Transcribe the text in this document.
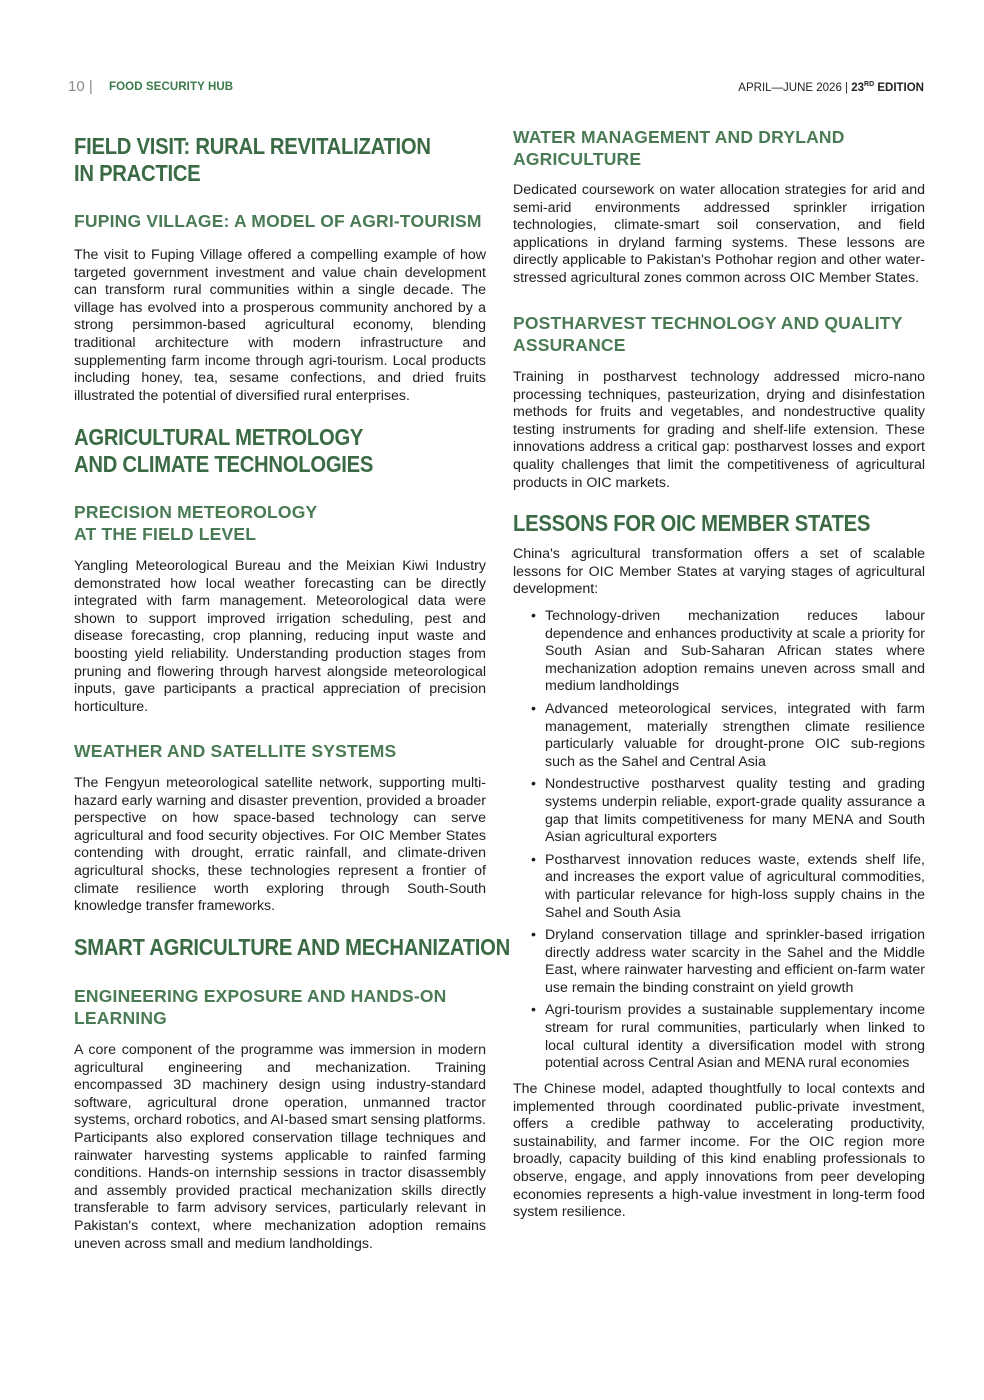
10 | FOOD SECURITY HUB	APRIL—JUNE 2026 | 23RD EDITION
FIELD VISIT: RURAL REVITALIZATION
IN PRACTICE
FUPING VILLAGE: A MODEL OF AGRI-TOURISM

The visit to Fuping Village offered a compelling example of how targeted government investment and value chain development can transform rural communities within a single decade. The village has evolved into a prosperous community anchored by a strong persimmon-based agricultural economy, blending traditional architecture with modern infrastructure and supplementing farm income through agri-tourism. Local products including honey, tea, sesame confections, and dried fruits illustrated the potential of diversified rural enterprises.

AGRICULTURAL METROLOGY
AND CLIMATE TECHNOLOGIES
PRECISION METEOROLOGY
AT THE FIELD LEVEL

Yangling Meteorological Bureau and the Meixian Kiwi Industry demonstrated how local weather forecasting can be directly integrated with farm management. Meteorological data were shown to support improved irrigation scheduling, pest and disease forecasting, crop planning, reducing input waste and boosting yield reliability. Understanding production stages from pruning and flowering through harvest alongside meteorological inputs, gave participants a practical appreciation of precision horticulture.

WEATHER AND SATELLITE SYSTEMS

The Fengyun meteorological satellite network, supporting multi-hazard early warning and disaster prevention, provided a broader perspective on how space-based technology can serve agricultural and food security objectives. For OIC Member States contending with drought, erratic rainfall, and climate-driven agricultural shocks, these technologies represent a frontier of climate resilience worth exploring through South-South knowledge transfer frameworks.

SMART AGRICULTURE AND MECHANIZATION
ENGINEERING EXPOSURE AND HANDS-ON
LEARNING

A core component of the programme was immersion in modern agricultural engineering and mechanization. Training encompassed 3D machinery design using industry-standard software, agricultural drone operation, unmanned tractor systems, orchard robotics, and AI-based smart sensing platforms. Participants also explored conservation tillage techniques and rainwater harvesting systems applicable to rainfed farming conditions. Hands-on internship sessions in tractor disassembly and assembly provided practical mechanization skills directly transferable to farm advisory services, particularly relevant in Pakistan's context, where mechanization adoption remains uneven across small and medium landholdings.

WATER MANAGEMENT AND DRYLAND
AGRICULTURE

Dedicated coursework on water allocation strategies for arid and semi-arid environments addressed sprinkler irrigation technologies, climate-smart soil conservation, and field applications in dryland farming systems. These lessons are directly applicable to Pakistan's Pothohar region and other water-stressed agricultural zones common across OIC Member States.

POSTHARVEST TECHNOLOGY AND QUALITY
ASSURANCE

Training in postharvest technology addressed micro-nano processing techniques, pasteurization, drying and disinfestation methods for fruits and vegetables, and nondestructive quality testing instruments for grading and shelf-life extension. These innovations address a critical gap: postharvest losses and export quality challenges that limit the competitiveness of agricultural products in OIC markets.

LESSONS FOR OIC MEMBER STATES

China's agricultural transformation offers a set of scalable lessons for OIC Member States at varying stages of agricultural development:

• Technology-driven mechanization reduces labour dependence and enhances productivity at scale a priority for South Asian and Sub-Saharan African states where mechanization adoption remains uneven across small and medium landholdings
• Advanced meteorological services, integrated with farm management, materially strengthen climate resilience particularly valuable for drought-prone OIC sub-regions such as the Sahel and Central Asia
• Nondestructive postharvest quality testing and grading systems underpin reliable, export-grade quality assurance a gap that limits competitiveness for many MENA and South Asian agricultural exporters
• Postharvest innovation reduces waste, extends shelf life, and increases the export value of agricultural commodities, with particular relevance for high-loss supply chains in the Sahel and South Asia
• Dryland conservation tillage and sprinkler-based irrigation directly address water scarcity in the Sahel and the Middle East, where rainwater harvesting and efficient on-farm water use remain the binding constraint on yield growth
• Agri-tourism provides a sustainable supplementary income stream for rural communities, particularly when linked to local cultural identity a diversification model with strong potential across Central Asian and MENA rural economies

The Chinese model, adapted thoughtfully to local contexts and implemented through coordinated public-private investment, offers a credible pathway to accelerating productivity, sustainability, and farmer income. For the OIC region more broadly, capacity building of this kind enabling professionals to observe, engage, and apply innovations from peer developing economies represents a high-value investment in long-term food system resilience.
